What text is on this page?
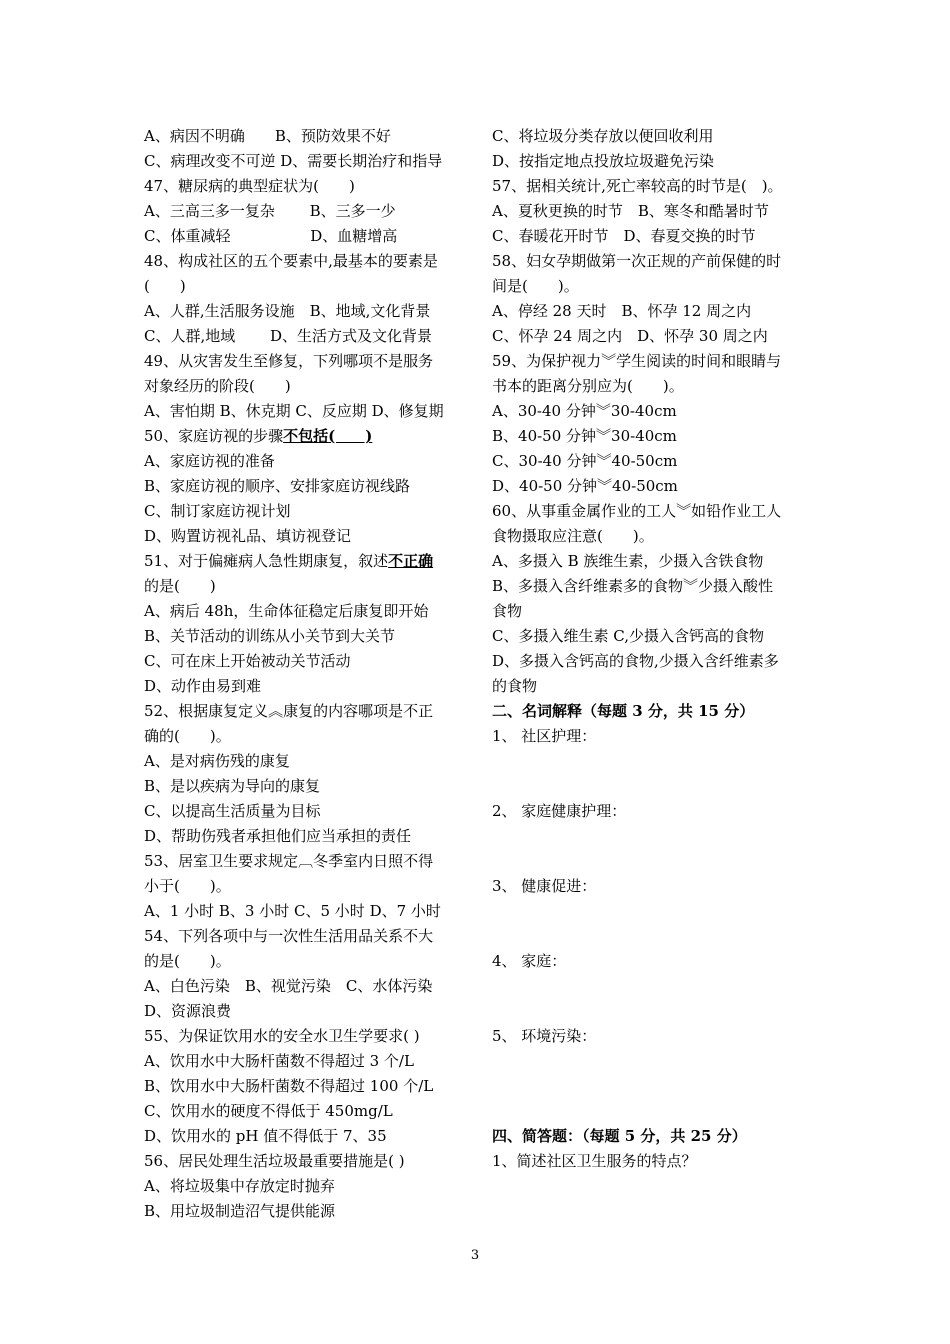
A、病因不明确　　B、预防效果不好
C、病理改变不可逆 D、需要长期治疗和指导
47、糖尿病的典型症状为(　　)
A、三高三多一复杂　　 B、三多一少
C、体重减轻　　　　　 D、血糖增高
48、构成社区的五个要素中,最基本的要素是(　　)
A、人群,生活服务设施　B、地域,文化背景
C、人群,地域　　 D、生活方式及文化背景
49、从灾害发生至修复，下列哪项不是服务
对象经历的阶段(　　)
A、害怕期 B、休克期 C、反应期 D、修复期
50、家庭访视的步骤不包括(　　)
A、家庭访视的准备
B、家庭访视的顺序、安排家庭访视线路
C、制订家庭访视计划
D、购置访视礼品、填访视登记
51、对于偏瘫病人急性期康复，叙述不正确
的是(　　)
A、病后 48h，生命体征稳定后康复即开始
B、关节活动的训练从小关节到大关节
C、可在床上开始被动关节活动
D、动作由易到难
52、根据康复定义︽康复的内容哪项是不正
确的(　　)。
A、是对病伤残的康复
B、是以疾病为导向的康复
C、以提高生活质量为目标
D、帮助伤残者承担他们应当承担的责任
53、居室卫生要求规定︹冬季室内日照不得
小于(　　)。
A、1 小时 B、3 小时 C、5 小时 D、7 小时
54、下列各项中与一次性生活用品关系不大
的是(　　)。
A、白色污染　B、视觉污染　C、水体污染
D、资源浪费
55、为保证饮用水的安全水卫生学要求( )
A、饮用水中大肠杆菌数不得超过 3 个/L
B、饮用水中大肠杆菌数不得超过 100 个/L
C、饮用水的硬度不得低于 450mg/L
D、饮用水的 pH 值不得低于 7、35
56、居民处理生活垃圾最重要措施是( )
A、将垃圾集中存放定时抛弃
B、用垃圾制造沼气提供能源
C、将垃圾分类存放以便回收利用
D、按指定地点投放垃圾避免污染
57、据相关统计,死亡率较高的时节是(　)。
A、夏秋更换的时节　B、寒冬和酷暑时节
C、春暖花开时节　D、春夏交换的时节
58、妇女孕期做第一次正规的产前保健的时
间是(　　)。
A、停经 28 天时　B、怀孕 12 周之内
C、怀孕 24 周之内　D、怀孕 30 周之内
59、为保护视力︾学生阅读的时间和眼睛与
书本的距离分别应为(　　)。
A、30-40 分钟︾30-40cm
B、40-50 分钟︾30-40cm
C、30-40 分钟︾40-50cm
D、40-50 分钟︾40-50cm
60、从事重金属作业的工人︾如铅作业工人
食物摄取应注意(　　)。
A、多摄入 B 族维生素，少摄入含铁食物
B、多摄入含纤维素多的食物︾少摄入酸性
食物
C、多摄入维生素 C,少摄入含钙高的食物
D、多摄入含钙高的食物,少摄入含纤维素多
的食物
二、名词解释（每题 3 分，共 15 分）
1、 社区护理：
2、 家庭健康护理：
3、 健康促进：
4、 家庭：
5、 环境污染：
四、简答题：（每题 5 分，共 25 分）
1、简述社区卫生服务的特点？
3
